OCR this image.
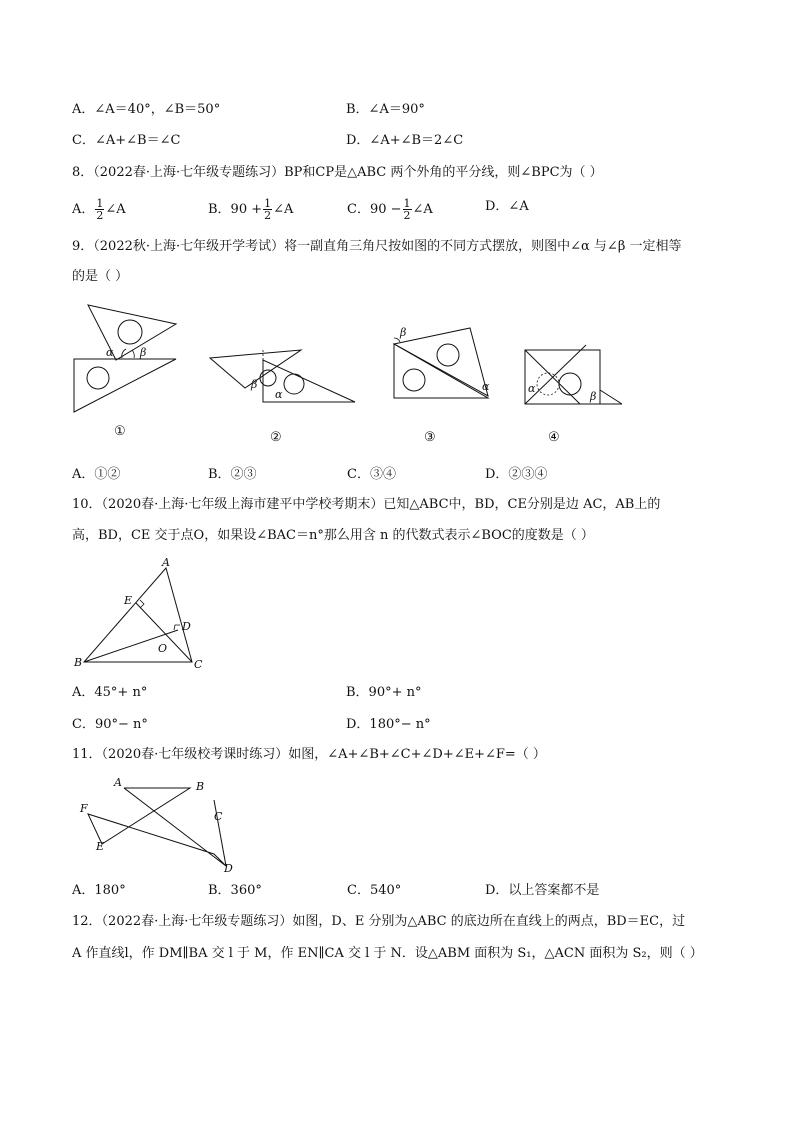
A．∠A＝40°，∠B＝50°	B．∠A＝90°
C．∠A+∠B＝∠C	D．∠A+∠B＝2∠C
8．（2022春·上海·七年级专题练习）BP和CP是△ABC 两个外角的平分线，则∠BPC为（ ）
A． $\frac{1}{2}$ ∠A	B．$90 + \frac{1}{2}$ ∠A	C．$90 - \frac{1}{2}$ ∠A	D．∠A
9．（2022秋·上海·七年级开学考试）将一副直角三角尺按如图的不同方式摆放，则图中∠α 与∠β 一定相等
的是（ ）
α β
①
β
α
②
β
α
③
α
β
④
A．①②	B．②③	C．③④	D．②③④
10．（2020春·上海·七年级上海市建平中学校考期末）已知△ABC中，BD，CE分别是边 AC，AB上的
高，BD，CE 交于点O，如果设∠BAC＝n°那么用含 n 的代数式表示∠BOC的度数是（ ）
A
B	C
D
E
O
A．45°+ n°	B．90°+ n°
C．90°− n°	D．180°− n°
11．（2020春·七年级校考课时练习）如图，∠A+∠B+∠C+∠D+∠E+∠F=（ ）
A	B
C
D
E
F
A．180°	B．360°	C．540°	D．以上答案都不是
12．（2022春·上海·七年级专题练习）如图，D、E 分别为△ABC 的底边所在直线上的两点，BD＝EC，过
A 作直线l，作 DM∥BA 交 l 于 M，作 EN∥CA 交 l 于 N．设△ABM 面积为 S₁，△ACN 面积为 S₂，则（ ）
